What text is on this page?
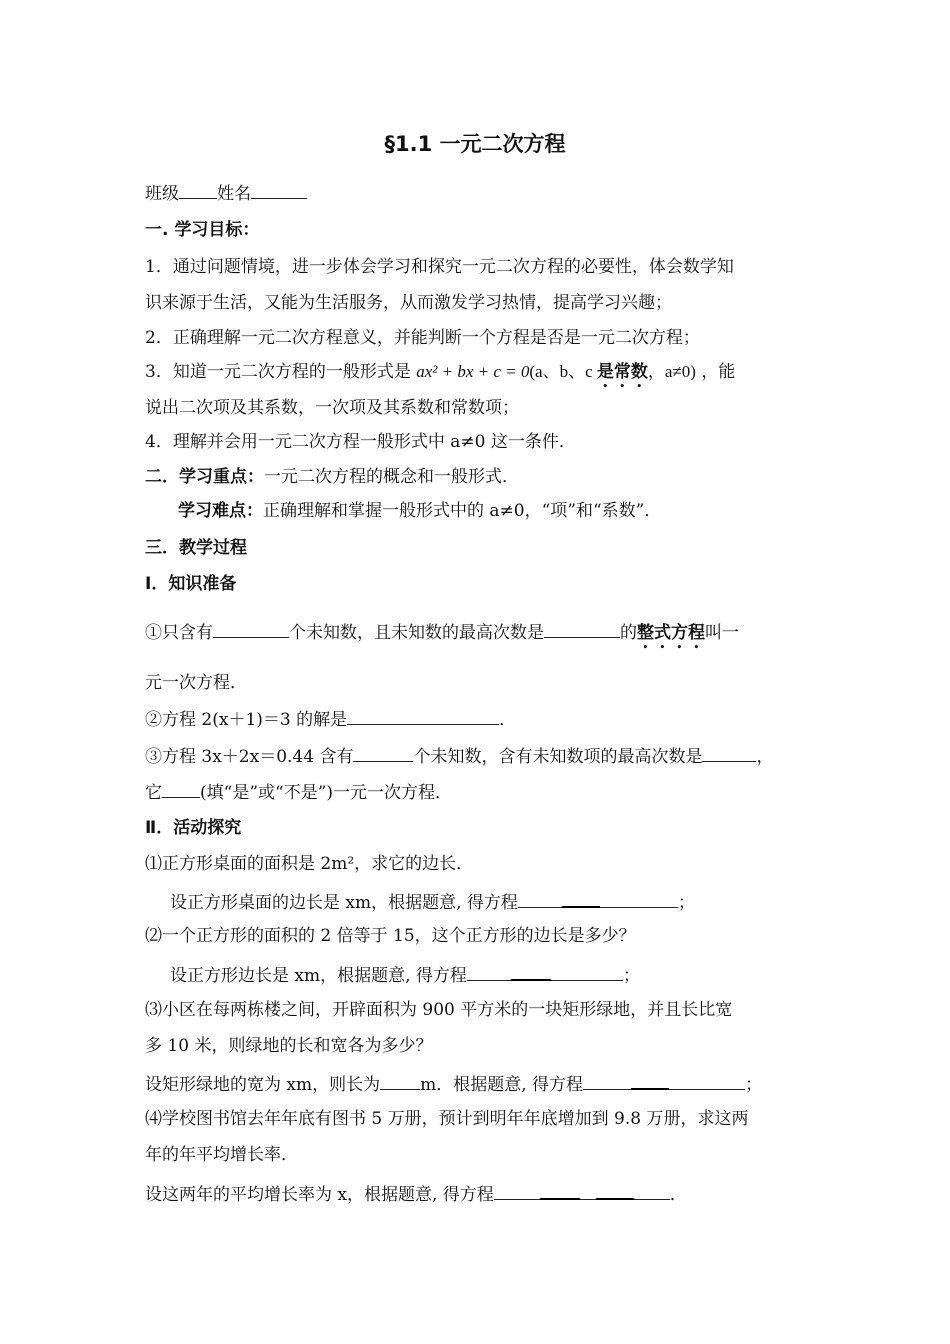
§1.1 一元二次方程
班级 姓名
一. 学习目标：
1．通过问题情境，进一步体会学习和探究一元二次方程的必要性，体会数学知
识来源于生活，又能为生活服务，从而激发学习热情，提高学习兴趣；
2．正确理解一元二次方程意义，并能判断一个方程是否是一元二次方程；
3．知道一元二次方程的一般形式是 ax² + bx + c = 0(a、b、c 是常数，a≠0) ，能
说出二次项及其系数，一次项及其系数和常数项；
4．理解并会用一元二次方程一般形式中 a≠0 这一条件．
二．学习重点：一元二次方程的概念和一般形式．
学习难点：正确理解和掌握一般形式中的 a≠0，“项”和“系数”．
三．教学过程
Ⅰ．知识准备
①只含有	个未知数，且未知数的最高次数是	的整式方程叫一
元一次方程．
②方程 2(x＋1)＝3 的解是	．
③方程 3x＋2x＝0.44 含有	个未知数，含有未知数项的最高次数是	，
它 (填“是”或“不是”)一元一次方程．
Ⅱ．活动探究
⑴正方形桌面的面积是 2m²，求它的边长．
设正方形桌面的边长是 xm，根据题意, 得方程	；
⑵一个正方形的面积的 2 倍等于 15，这个正方形的边长是多少？
设正方形边长是 xm，根据题意, 得方程	；
⑶小区在每两栋楼之间，开辟面积为 900 平方米的一块矩形绿地，并且长比宽
多 10 米，则绿地的长和宽各为多少？
设矩形绿地的宽为 xm，则长为 m．根据题意, 得方程	；
⑷学校图书馆去年年底有图书 5 万册，预计到明年年底增加到 9.8 万册，求这两
年的年平均增长率．
设这两年的平均增长率为 x，根据题意, 得方程	．
